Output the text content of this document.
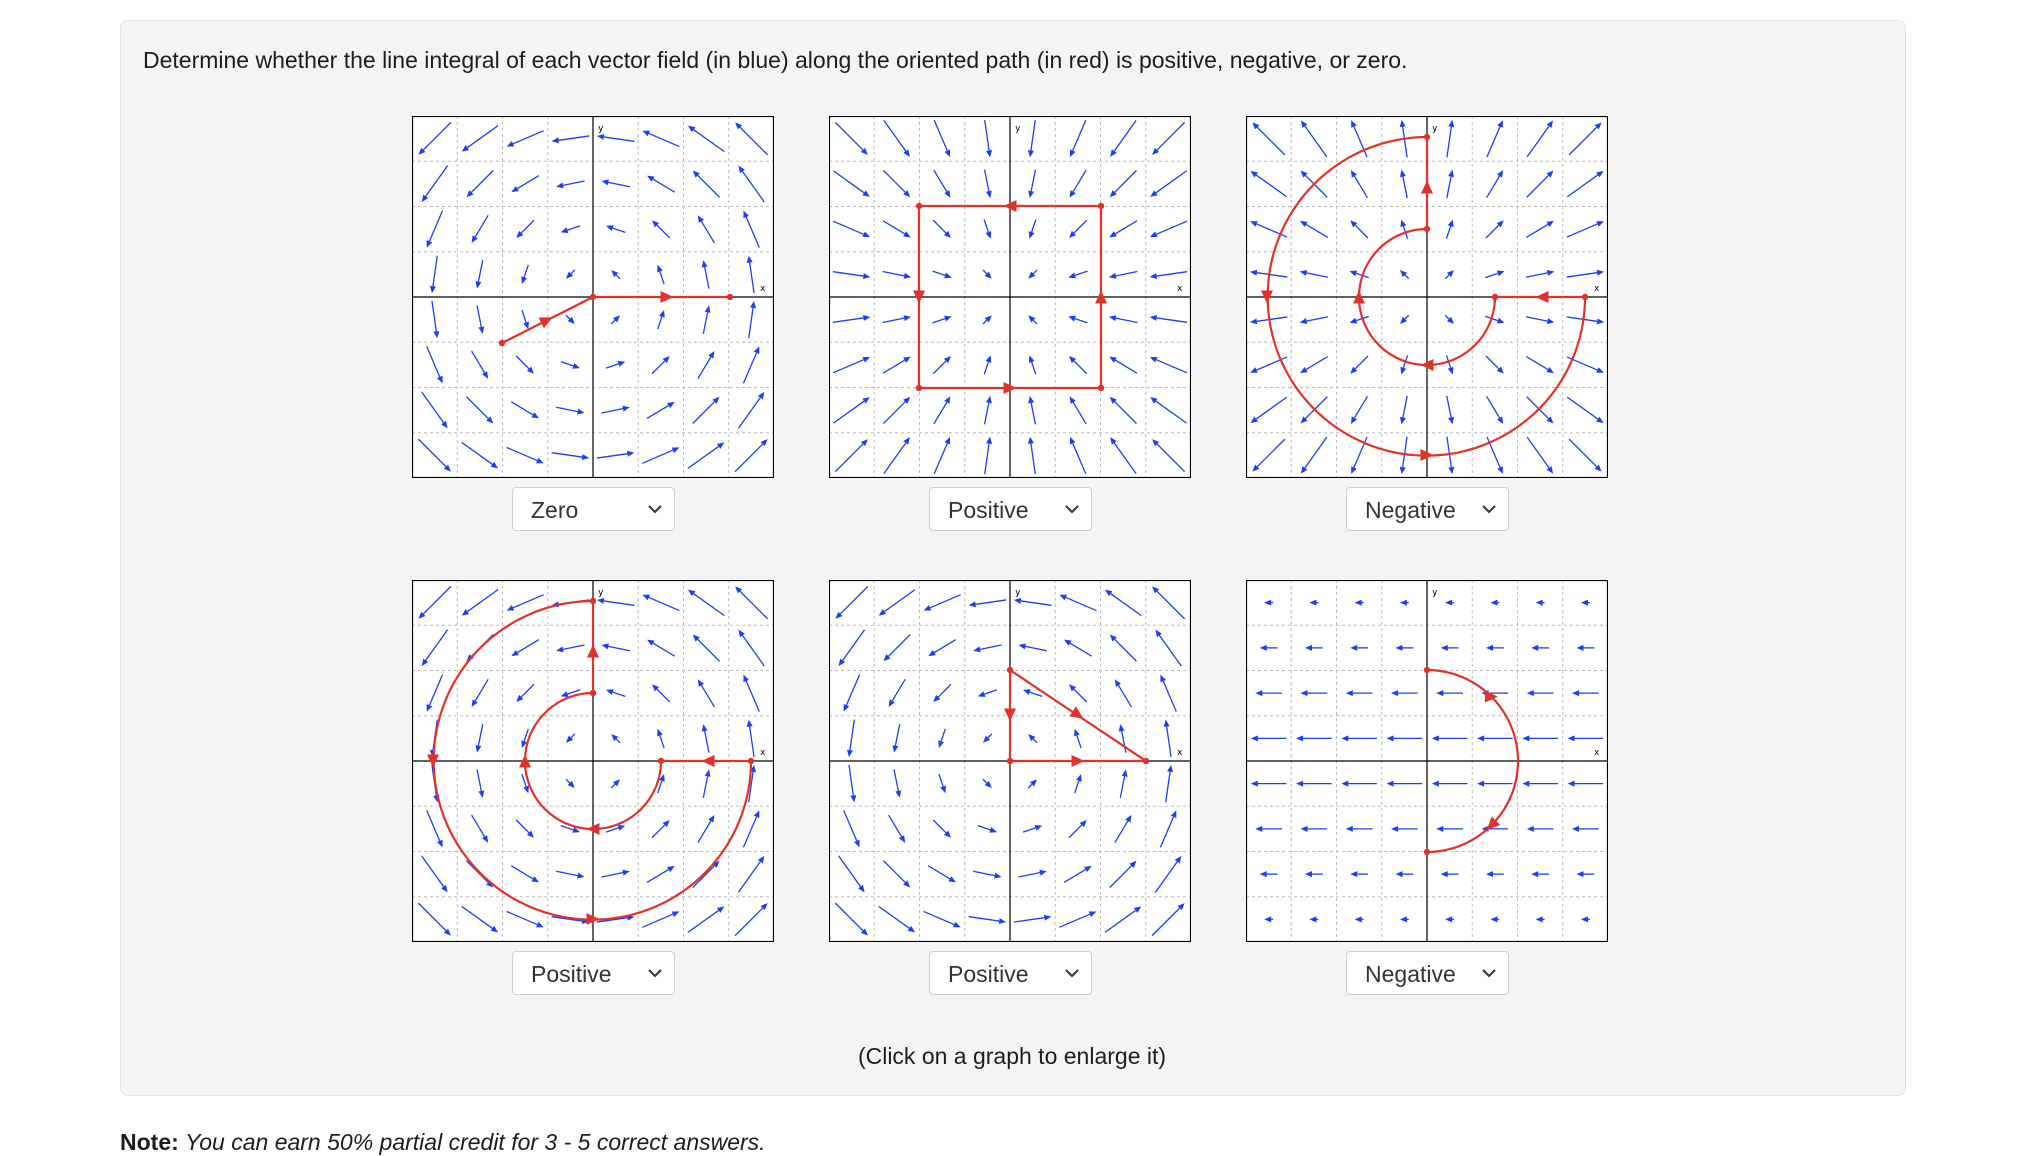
Determine whether the line integral of each vector field (in blue) along the oriented path (in red) is positive, negative, or zero.
x
y
x
y
x
y
x
y
x
y
x
y
Zero	Positive	Negative
Positive	Positive	Negative
(Click on a graph to enlarge it)
Note: You can earn 50% partial credit for 3 - 5 correct answers.
